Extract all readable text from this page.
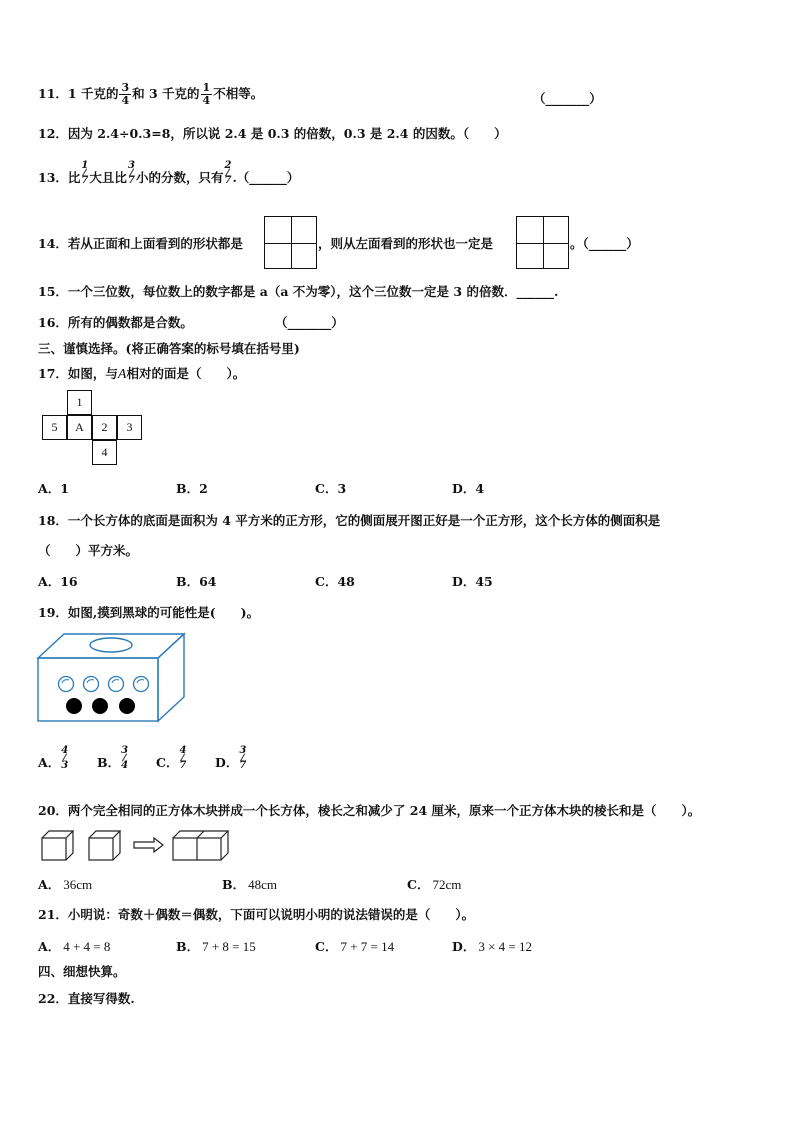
11．1 千克的 $\frac{3}{4}$ 和 3 千克的 $\frac{1}{4}$ 不相等。	（_______）
12．因为 2.4÷0.3=8，所以说 2.4 是 0.3 的倍数，0.3 是 2.4 的因数。（　　）
13．比
1
7 大且比
3
7 小的分数，只有
2
7 .（______）
14．若从正面和上面看到的形状都是	，则从左面看到的形状也一定是	。（______）
15．一个三位数，每位数上的数字都是 a（a 不为零），这个三位数一定是 3 的倍数．______.
16．所有的偶数都是合数。	（_______）
三、谨慎选择。(将正确答案的标号填在括号里)
17．如图，与A相对的面是（　　）。
1
5	A	2	3
4
A．1	B．2	C．3	D．4
18．一个长方体的底面是面积为 4 平方米的正方形，它的侧面展开图正好是一个正方形，这个长方体的侧面积是
（　　）平方米。
A．16	B．64	C．48	D．45
19．如图,摸到黑球的可能性是(　　)。
A．
4
3 B．
3
4 C．
4
7 D．
3
7
20．两个完全相同的正方体木块拼成一个长方体，棱长之和减少了 24 厘米，原来一个正方体木块的棱长和是（　　）。
A． 36cm	B． 48cm	C． 72cm
21．小明说：奇数＋偶数＝偶数，下面可以说明小明的说法错误的是（　　）。
A． 4 + 4 = 8	B． 7 + 8 = 15	C． 7 + 7 = 14	D． 3 × 4 = 12
四、细想快算。
22．直接写得数.
